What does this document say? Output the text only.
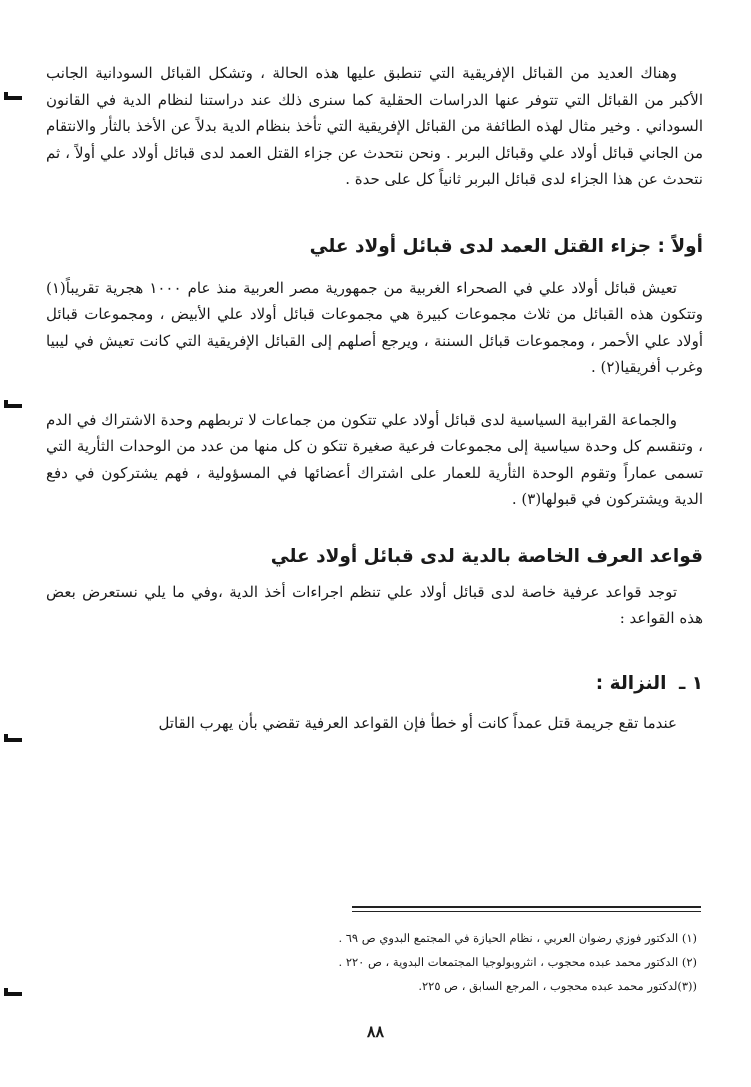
وهناك العديد من القبائل الإفريقية التي تنطبق عليها هذه الحالة ، وتشكل القبائل السودانية الجانب الأكبر من القبائل التي تتوفر عنها الدراسات الحقلية كما سنرى ذلك عند دراستنا لنظام الدية في القانون السوداني . وخير مثال لهذه الطائفة من القبائل الإفريقية التي تأخذ بنظام الدية بدلاً عن الأخذ بالثأر والانتقام من الجاني قبائل أولاد علي وقبائل البربر . ونحن نتحدث عن جزاء القتل العمد لدى قبائل أولاد علي أولاً ، ثم نتحدث عن هذا الجزاء لدى قبائل البربر ثانياً كل على حدة .

أولاً : جزاء القتل العمد لدى قبائل أولاد علي

تعيش قبائل أولاد علي في الصحراء الغربية من جمهورية مصر العربية منذ عام ١٠٠٠ هجرية تقريباً(١) وتتكون هذه القبائل من ثلاث مجموعات كبيرة هي مجموعات قبائل أولاد علي الأبيض ، ومجموعات قبائل أولاد علي الأحمر ، ومجموعات قبائل السننة ، ويرجع أصلهم إلى القبائل الإفريقية التي كانت تعيش في ليبيا وغرب أفريقيا(٢) .

والجماعة القرابية السياسية لدى قبائل أولاد علي تتكون من جماعات لا تربطهم وحدة الاشتراك في الدم ، وتنقسم كل وحدة سياسية إلى مجموعات فرعية صغيرة تتكو ن كل منها من عدد من الوحدات الثأرية التي تسمى عماراً وتقوم الوحدة الثأرية للعمار على اشتراك أعضائها في المسؤولية ، فهم يشتركون في دفع الدية ويشتركون في قبولها(٣) .

قواعد العرف الخاصة بالدية لدى قبائل أولاد علي

توجد قواعد عرفية خاصة لدى قبائل أولاد علي تنظم اجراءات أخذ الدية ،وفي ما يلي نستعرض بعض هذه القواعد :

١ ـ النزالة :

عندما تقع جريمة قتل عمداً كانت أو خطأ فإن القواعد العرفية تقضي بأن يهرب القاتل

(١) الدكتور فوزي رضوان العربي ، نظام الحيازة في المجتمع البدوي ص ٦٩ .

(٢) الدكتور محمد عبده محجوب ، انثروبولوجيا المجتمعات البدوية ، ص ٢٢٠ .

((٣)لدكتور محمد عبده محجوب ، المرجع السابق ، ص ٢٢٥.

٨٨
